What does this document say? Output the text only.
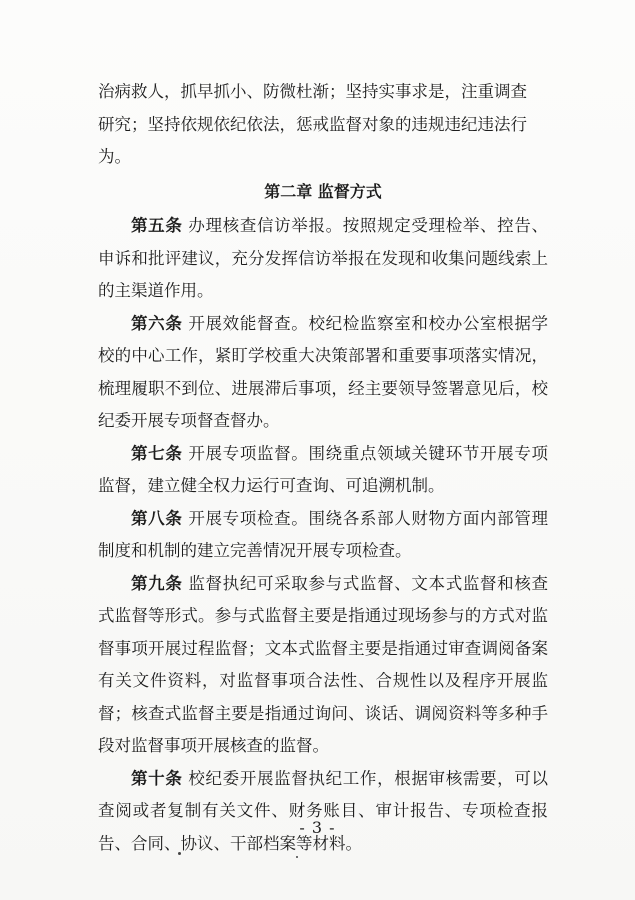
治病救人，抓早抓小、防微杜渐；坚持实事求是，注重调查
研究；坚持依规依纪依法，惩戒监督对象的违规违纪违法行
为。

第二章 监督方式

第五条 办理核查信访举报。按照规定受理检举、控告、申诉和批评建议，充分发挥信访举报在发现和收集问题线索上的主渠道作用。

第六条 开展效能督查。校纪检监察室和校办公室根据学校的中心工作，紧盯学校重大决策部署和重要事项落实情况，梳理履职不到位、进展滞后事项，经主要领导签署意见后，校纪委开展专项督查督办。

第七条 开展专项监督。围绕重点领域关键环节开展专项监督，建立健全权力运行可查询、可追溯机制。

第八条 开展专项检查。围绕各系部人财物方面内部管理制度和机制的建立完善情况开展专项检查。

第九条 监督执纪可采取参与式监督、文本式监督和核查式监督等形式。参与式监督主要是指通过现场参与的方式对监督事项开展过程监督；文本式监督主要是指通过审查调阅备案有关文件资料，对监督事项合法性、合规性以及程序开展监督；核查式监督主要是指通过询问、谈话、调阅资料等多种手段对监督事项开展核查的监督。

第十条 校纪委开展监督执纪工作，根据审核需要，可以查阅或者复制有关文件、财务账目、审计报告、专项检查报告、合同、协议、干部档案等材料。

- 3 -
